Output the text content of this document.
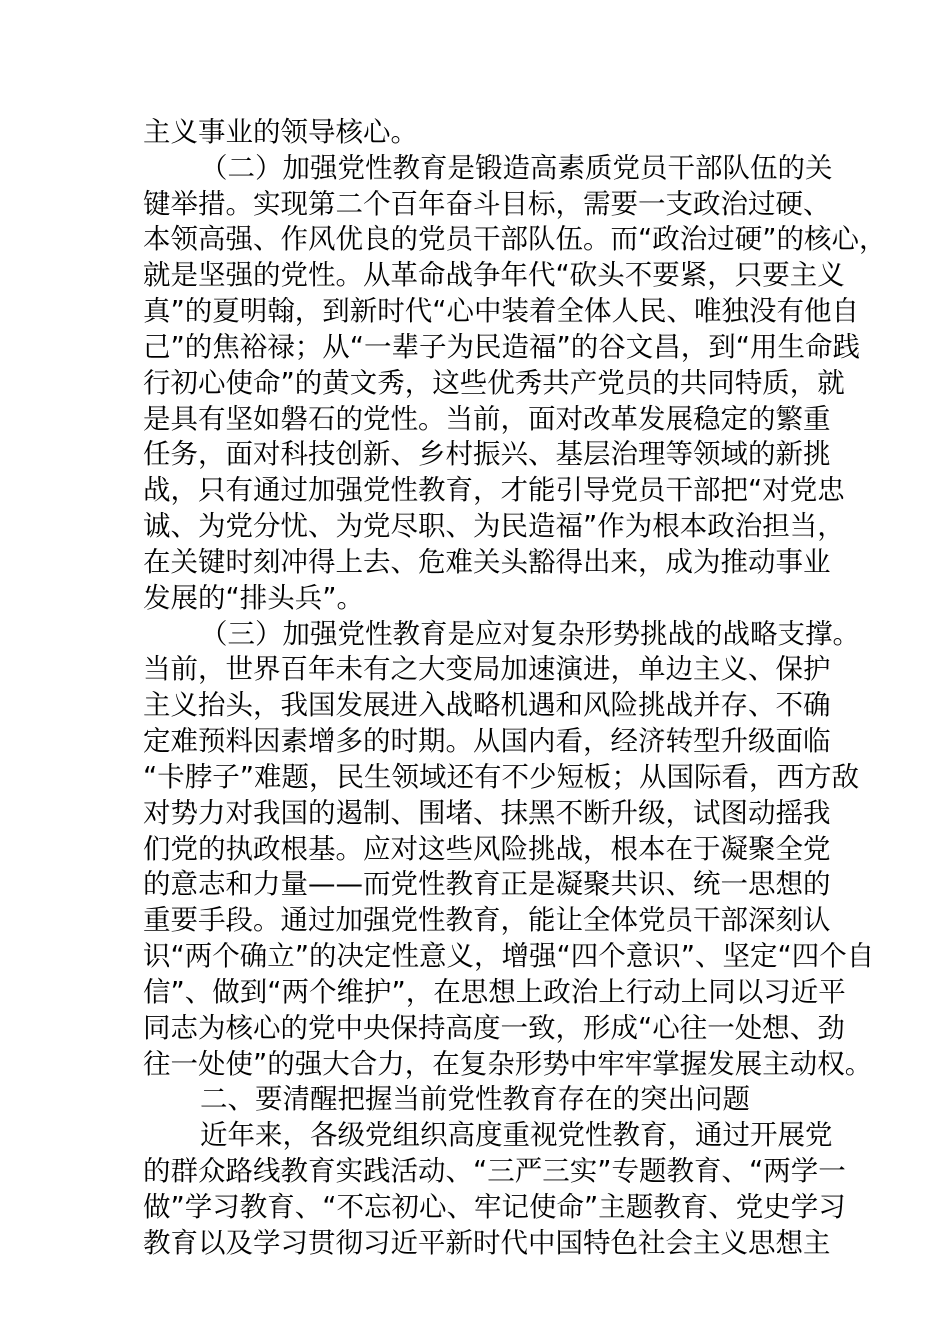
主义事业的领导核心。
（二）加强党性教育是锻造高素质党员干部队伍的关
键举措。实现第二个百年奋斗目标，需要一支政治过硬、
本领高强、作风优良的党员干部队伍。而“政治过硬”的核心，
就是坚强的党性。从革命战争年代“砍头不要紧，只要主义
真”的夏明翰，到新时代“心中装着全体人民、唯独没有他自
己”的焦裕禄；从“一辈子为民造福”的谷文昌，到“用生命践
行初心使命”的黄文秀，这些优秀共产党员的共同特质，就
是具有坚如磐石的党性。当前，面对改革发展稳定的繁重
任务，面对科技创新、乡村振兴、基层治理等领域的新挑
战，只有通过加强党性教育，才能引导党员干部把“对党忠
诚、为党分忧、为党尽职、为民造福”作为根本政治担当，
在关键时刻冲得上去、危难关头豁得出来，成为推动事业
发展的“排头兵”。
（三）加强党性教育是应对复杂形势挑战的战略支撑。
当前，世界百年未有之大变局加速演进，单边主义、保护
主义抬头，我国发展进入战略机遇和风险挑战并存、不确
定难预料因素增多的时期。从国内看，经济转型升级面临
“卡脖子”难题，民生领域还有不少短板；从国际看，西方敌
对势力对我国的遏制、围堵、抹黑不断升级，试图动摇我
们党的执政根基。应对这些风险挑战，根本在于凝聚全党
的意志和力量——而党性教育正是凝聚共识、统一思想的
重要手段。通过加强党性教育，能让全体党员干部深刻认
识“两个确立”的决定性意义，增强“四个意识”、坚定“四个自
信”、做到“两个维护”，在思想上政治上行动上同以习近平
同志为核心的党中央保持高度一致，形成“心往一处想、劲
往一处使”的强大合力，在复杂形势中牢牢掌握发展主动权。
二、要清醒把握当前党性教育存在的突出问题
近年来，各级党组织高度重视党性教育，通过开展党
的群众路线教育实践活动、“三严三实”专题教育、“两学一
做”学习教育、“不忘初心、牢记使命”主题教育、党史学习
教育以及学习贯彻习近平新时代中国特色社会主义思想主
